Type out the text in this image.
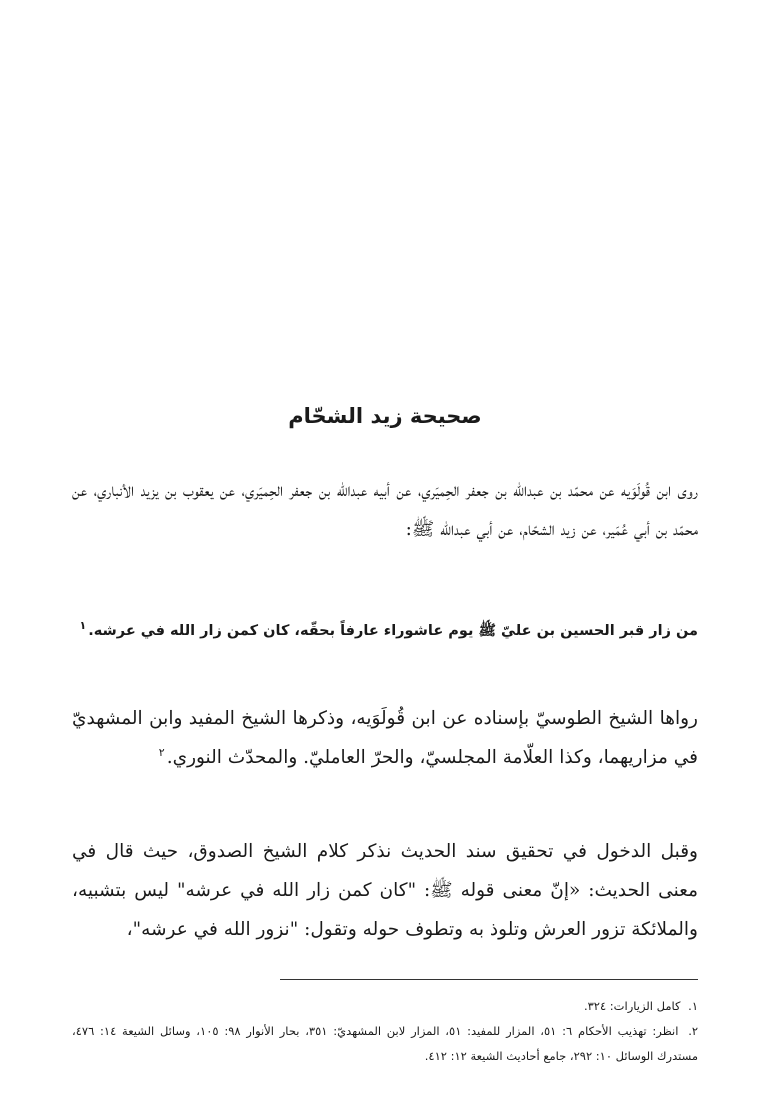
صحيحة زيد الشحّام
روى ابن قُولَوَيه عن محمّد بن عبدالله بن جعفر الحِميَري، عن أبيه عبدالله بن جعفر الحِميَري، عن يعقوب بن يزيد الأنباري، عن محمّد بن أبي عُمَير، عن زيد الشحّام، عن أبي عبدالله ﷺ:
من زار قبر الحسين بن عليّ ﷺ يوم عاشوراء عارفاً بحقّه، كان كمن زار الله في عرشه.$^١$
رواها الشيخ الطوسيّ بإسناده عن ابن قُولَوَيه، وذكرها الشيخ المفيد وابن المشهديّ في مزاريهما، وكذا العلّامة المجلسيّ، والحرّ العامليّ. والمحدّث النوري.$^٢$
وقبل الدخول في تحقيق سند الحديث نذكر كلام الشيخ الصدوق، حيث قال في معنى الحديث: «إنّ معنى قوله ﷺ: "كان كمن زار الله في عرشه" ليس بتشبيه، والملائكة تزور العرش وتلوذ به وتطوف حوله وتقول: "نزور الله في عرشه"،
١. كامل الزيارات: ٣٢٤.
٢. انظر: تهذيب الأحكام ٦: ٥١، المزار للمفيد: ٥١، المزار لابن المشهديّ: ٣٥١، بحار الأنوار ٩٨: ١٠٥، وسائل الشيعة ١٤: ٤٧٦، مستدرك الوسائل ١٠: ٢٩٢، جامع أحاديث الشيعة ١٢: ٤١٢.
